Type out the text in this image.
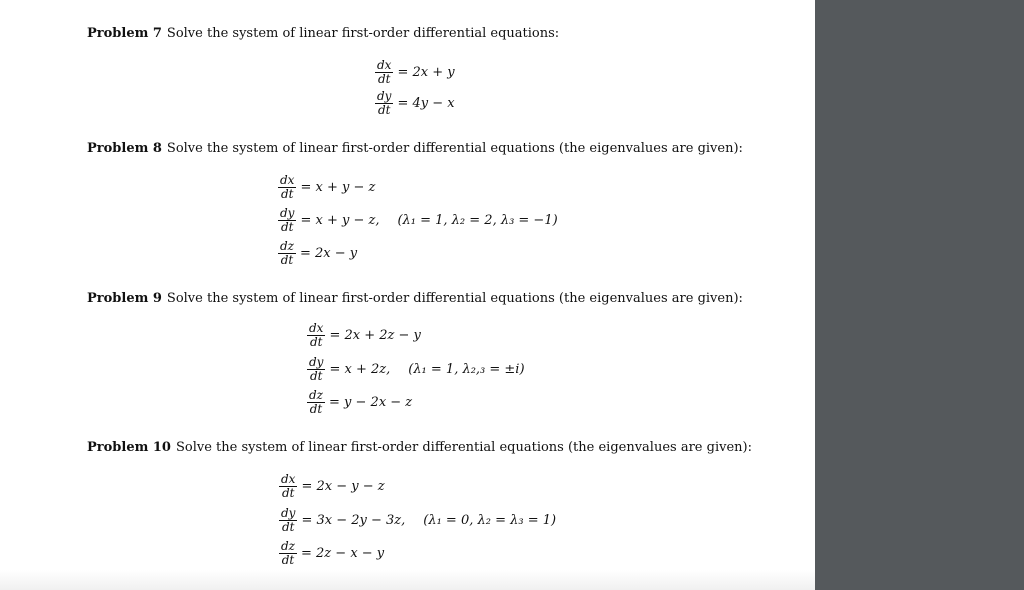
Problem 7 Solve the system of linear first-order differential equations:
$\frac{dx}{dt} = 2x + y$
$\frac{dy}{dt} = 4y - x$
Problem 8 Solve the system of linear first-order differential equations (the eigenvalues are given):
$\frac{dx}{dt} = x + y - z$
$\frac{dy}{dt} = x + y - z$, (λ₁ = 1, λ₂ = 2, λ₃ = −1)
$\frac{dz}{dt} = 2x - y$
Problem 9 Solve the system of linear first-order differential equations (the eigenvalues are given):
$\frac{dx}{dt} = 2x + 2z - y$
$\frac{dy}{dt} = x + 2z$, (λ₁ = 1, λ₂,₃ = ±i)
$\frac{dz}{dt} = y - 2x - z$
Problem 10 Solve the system of linear first-order differential equations (the eigenvalues are given):
$\frac{dx}{dt} = 2x - y - z$
$\frac{dy}{dt} = 3x - 2y - 3z$, (λ₁ = 0, λ₂ = λ₃ = 1)
$\frac{dz}{dt} = 2z - x - y$
